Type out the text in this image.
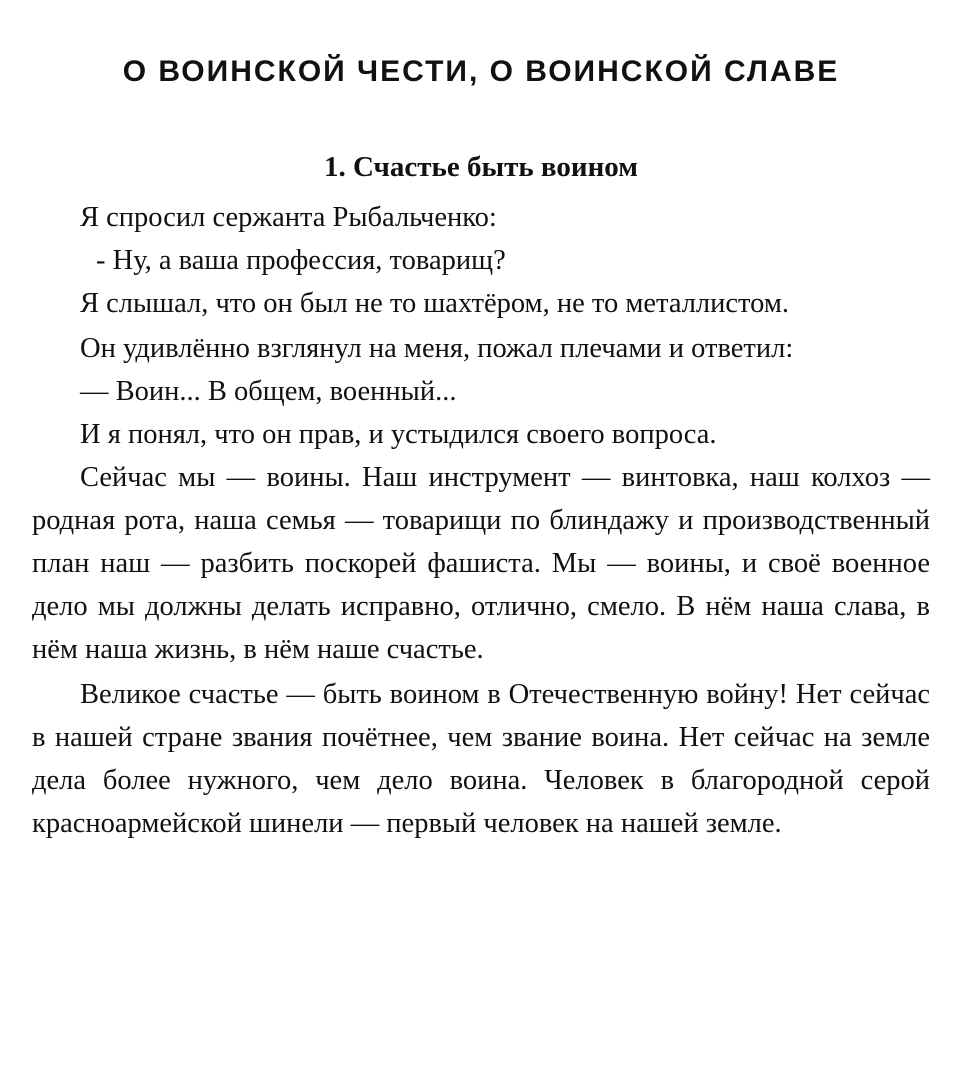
О ВОИНСКОЙ ЧЕСТИ, О ВОИНСКОЙ СЛАВЕ
1. Счастье быть воином

Я спросил сержанта Рыбальченко:

- Ну, а ваша профессия, товарищ?

Я слышал, что он был не то шахтёром, не то металлистом.

Он удивлённо взглянул на меня, пожал плечами и ответил:

— Воин... В общем, военный...

И я понял, что он прав, и устыдился своего вопроса.

Сейчас мы — воины. Наш инструмент — винтовка, наш колхоз — родная рота, наша семья — товарищи по блиндажу и производственный план наш — разбить поскорей фашиста. Мы — воины, и своё военное дело мы должны делать исправно, отлично, смело. В нём наша слава, в нём наша жизнь, в нём наше счастье.

Великое счастье — быть воином в Отечественную войну! Нет сейчас в нашей стране звания почётнее, чем звание воина. Нет сейчас на земле дела более нужного, чем дело воина. Человек в благородной серой красноармейской шинели — первый человек на нашей земле.
